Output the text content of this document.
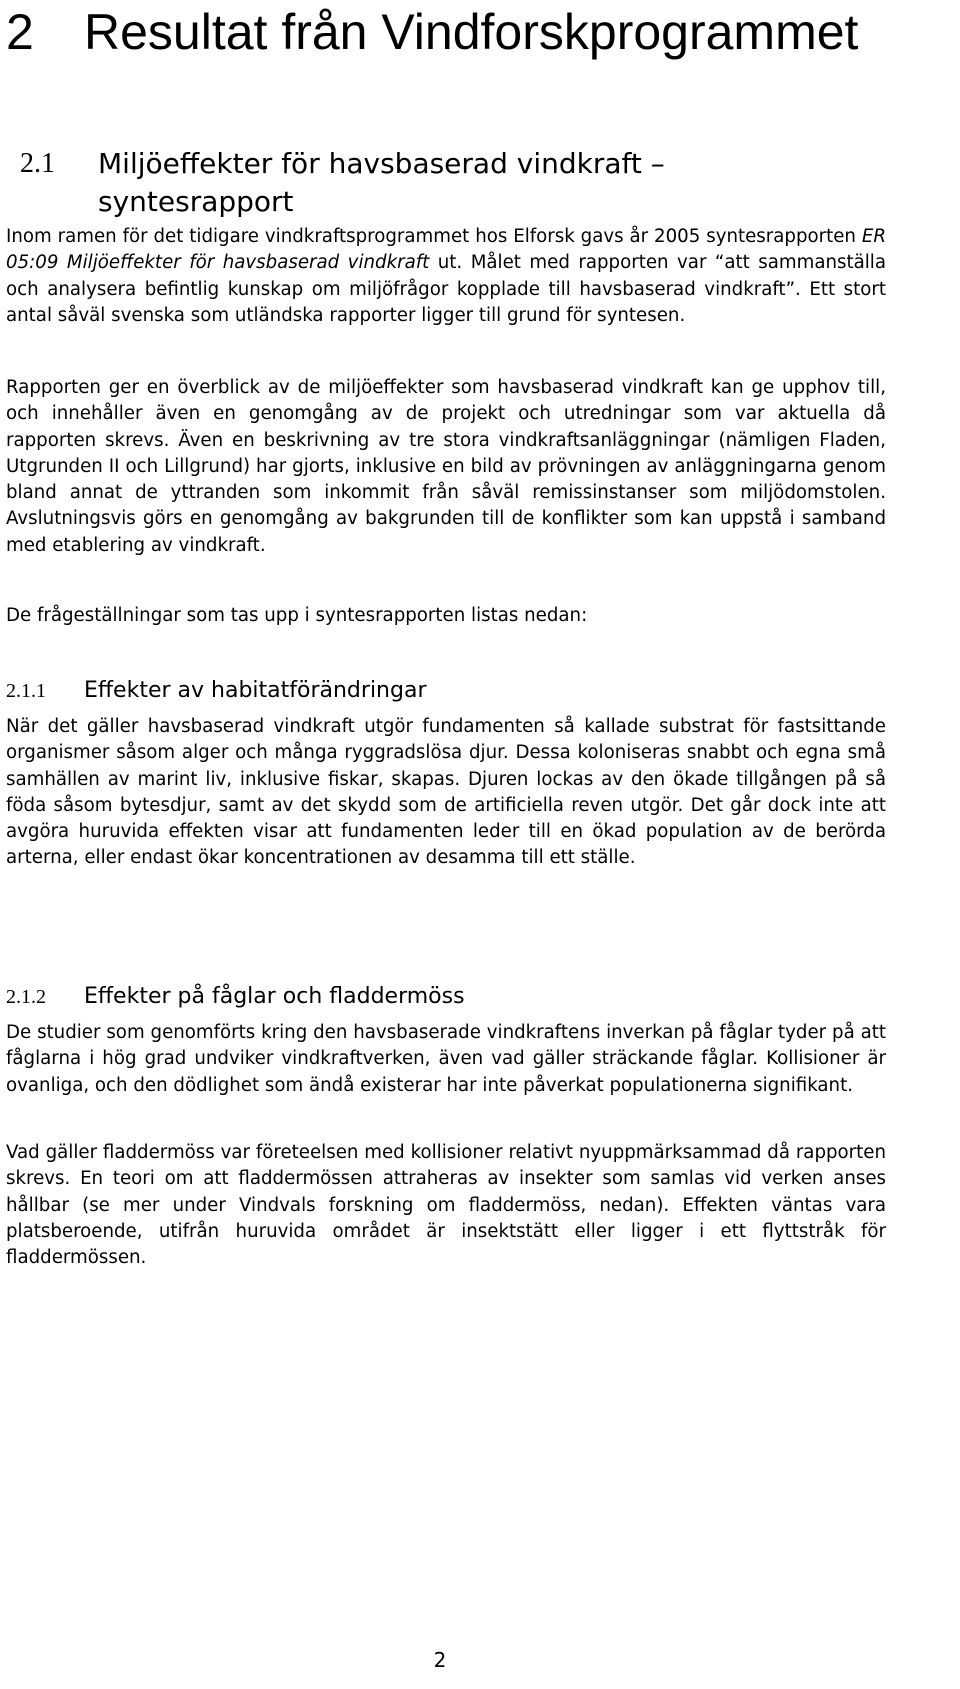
2 Resultat från Vindforskprogrammet
2.1 Miljöeffekter för havsbaserad vindkraft –
syntesrapport

Inom ramen för det tidigare vindkraftsprogrammet hos Elforsk gavs år 2005 syntesrapporten ER 05:09 Miljöeffekter för havsbaserad vindkraft ut. Målet med rapporten var “att sammanställa och analysera befintlig kunskap om miljöfrågor kopplade till havsbaserad vindkraft”. Ett stort antal såväl svenska som utländska rapporter ligger till grund för syntesen.

Rapporten ger en överblick av de miljöeffekter som havsbaserad vindkraft kan ge upphov till, och innehåller även en genomgång av de projekt och utredningar som var aktuella då rapporten skrevs. Även en beskrivning av tre stora vindkraftsanläggningar (nämligen Fladen, Utgrunden II och Lillgrund) har gjorts, inklusive en bild av prövningen av anläggningarna genom bland annat de yttranden som inkommit från såväl remissinstanser som miljödomstolen. Avslutningsvis görs en genomgång av bakgrunden till de konflikter som kan uppstå i samband med etablering av vindkraft.

De frågeställningar som tas upp i syntesrapporten listas nedan:

2.1.1 Effekter av habitatförändringar

När det gäller havsbaserad vindkraft utgör fundamenten så kallade substrat för fastsittande organismer såsom alger och många ryggradslösa djur. Dessa koloniseras snabbt och egna små samhällen av marint liv, inklusive fiskar, skapas. Djuren lockas av den ökade tillgången på så föda såsom bytesdjur, samt av det skydd som de artificiella reven utgör. Det går dock inte att avgöra huruvida effekten visar att fundamenten leder till en ökad population av de berörda arterna, eller endast ökar koncentrationen av desamma till ett ställe.

2.1.2 Effekter på fåglar och fladdermöss

De studier som genomförts kring den havsbaserade vindkraftens inverkan på fåglar tyder på att fåglarna i hög grad undviker vindkraftverken, även vad gäller sträckande fåglar. Kollisioner är ovanliga, och den dödlighet som ändå existerar har inte påverkat populationerna signifikant.

Vad gäller fladdermöss var företeelsen med kollisioner relativt nyuppmärksammad då rapporten skrevs. En teori om att fladdermössen attraheras av insekter som samlas vid verken anses hållbar (se mer under Vindvals forskning om fladdermöss, nedan). Effekten väntas vara platsberoende, utifrån huruvida området är insektstätt eller ligger i ett flyttstråk för fladdermössen.

2
